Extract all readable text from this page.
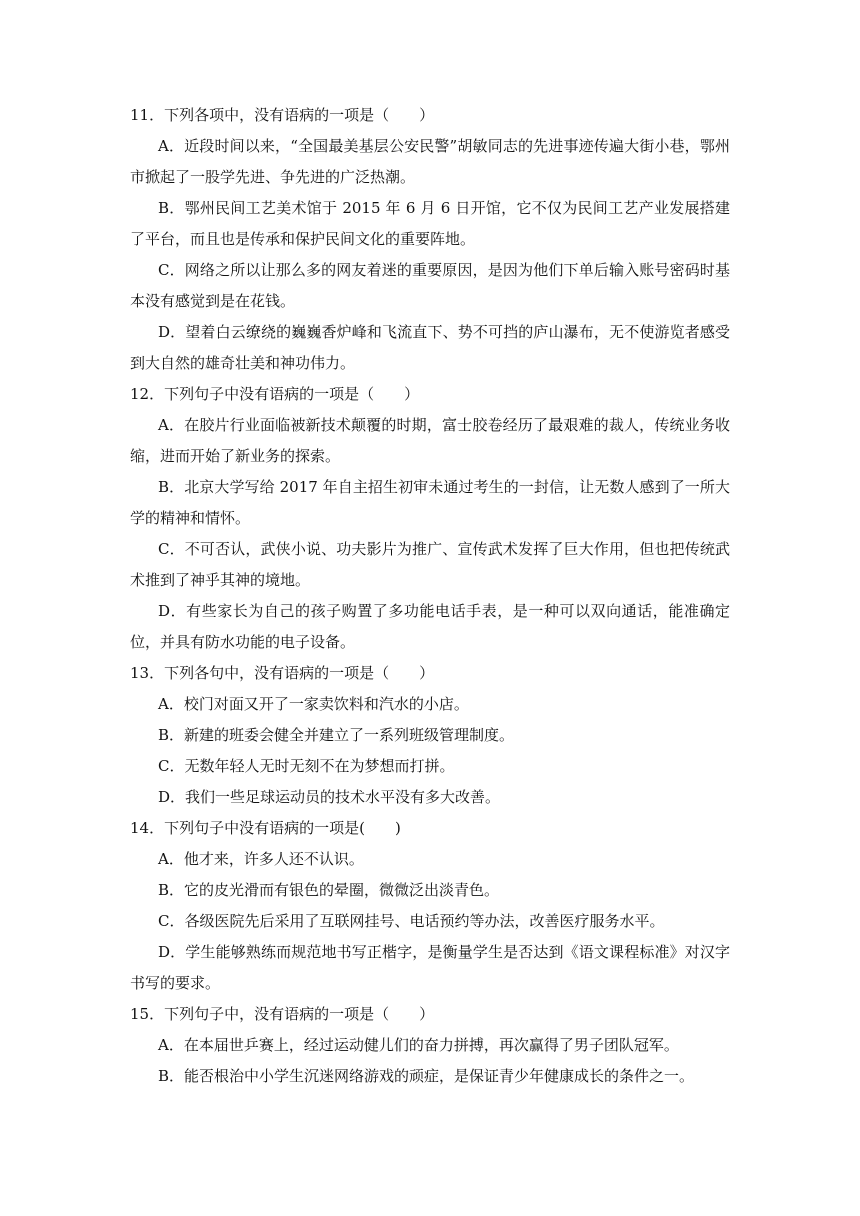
11．下列各项中，没有语病的一项是（　　）
A．近段时间以来，“全国最美基层公安民警”胡敏同志的先进事迹传遍大街小巷，鄂州市掀起了一股学先进、争先进的广泛热潮。
B．鄂州民间工艺美术馆于 2015 年 6 月 6 日开馆，它不仅为民间工艺产业发展搭建了平台，而且也是传承和保护民间文化的重要阵地。
C．网络之所以让那么多的网友着迷的重要原因，是因为他们下单后输入账号密码时基本没有感觉到是在花钱。
D．望着白云缭绕的巍巍香炉峰和飞流直下、势不可挡的庐山瀑布，无不使游览者感受到大自然的雄奇壮美和神功伟力。
12．下列句子中没有语病的一项是（　　）
A．在胶片行业面临被新技术颠覆的时期，富士胶卷经历了最艰难的裁人，传统业务收缩，进而开始了新业务的探索。
B．北京大学写给 2017 年自主招生初审未通过考生的一封信，让无数人感到了一所大学的精神和情怀。
C．不可否认，武侠小说、功夫影片为推广、宣传武术发挥了巨大作用，但也把传统武术推到了神乎其神的境地。
D．有些家长为自己的孩子购置了多功能电话手表，是一种可以双向通话，能准确定位，并具有防水功能的电子设备。
13．下列各句中，没有语病的一项是（　　）
A．校门对面又开了一家卖饮料和汽水的小店。
B．新建的班委会健全并建立了一系列班级管理制度。
C．无数年轻人无时无刻不在为梦想而打拼。
D．我们一些足球运动员的技术水平没有多大改善。
14．下列句子中没有语病的一项是(　　)
A．他才来，许多人还不认识。
B．它的皮光滑而有银色的晕圈，微微泛出淡青色。
C．各级医院先后采用了互联网挂号、电话预约等办法，改善医疗服务水平。
D．学生能够熟练而规范地书写正楷字，是衡量学生是否达到《语文课程标准》对汉字书写的要求。
15．下列句子中，没有语病的一项是（　　）
A．在本届世乒赛上，经过运动健儿们的奋力拼搏，再次赢得了男子团队冠军。
B．能否根治中小学生沉迷网络游戏的顽症，是保证青少年健康成长的条件之一。
